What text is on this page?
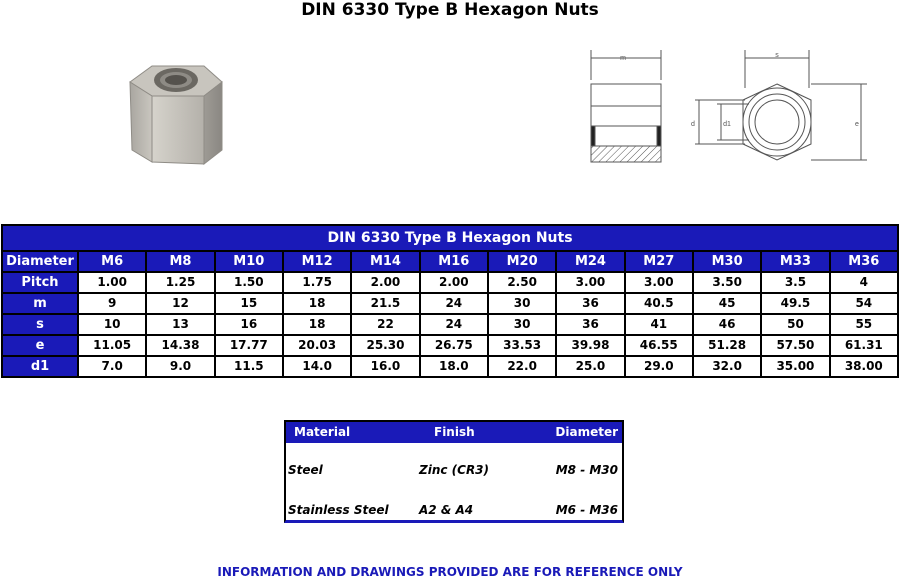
DIN 6330 Type B Hexagon Nuts
m	s
d	d1	e
DIN 6330 Type B Hexagon Nuts
Diameter	M6	M8	M10	M12	M14	M16	M20	M24	M27	M30	M33	M36
Pitch	1.00	1.25	1.50	1.75	2.00	2.00	2.50	3.00	3.00	3.50	3.5	4
m	9	12	15	18	21.5	24	30	36	40.5	45	49.5	54
s	10	13	16	18	22	24	30	36	41	46	50	55
e	11.05	14.38	17.77	20.03	25.30	26.75	33.53	39.98	46.55	51.28	57.50	61.31
d1	7.0	9.0	11.5	14.0	16.0	18.0	22.0	25.0	29.0	32.0	35.00	38.00
Material	Finish	Diameter
Steel	Zinc (CR3)	M8 - M30
Stainless Steel	A2 & A4	M6 - M36
INFORMATION AND DRAWINGS PROVIDED ARE FOR REFERENCE ONLY
